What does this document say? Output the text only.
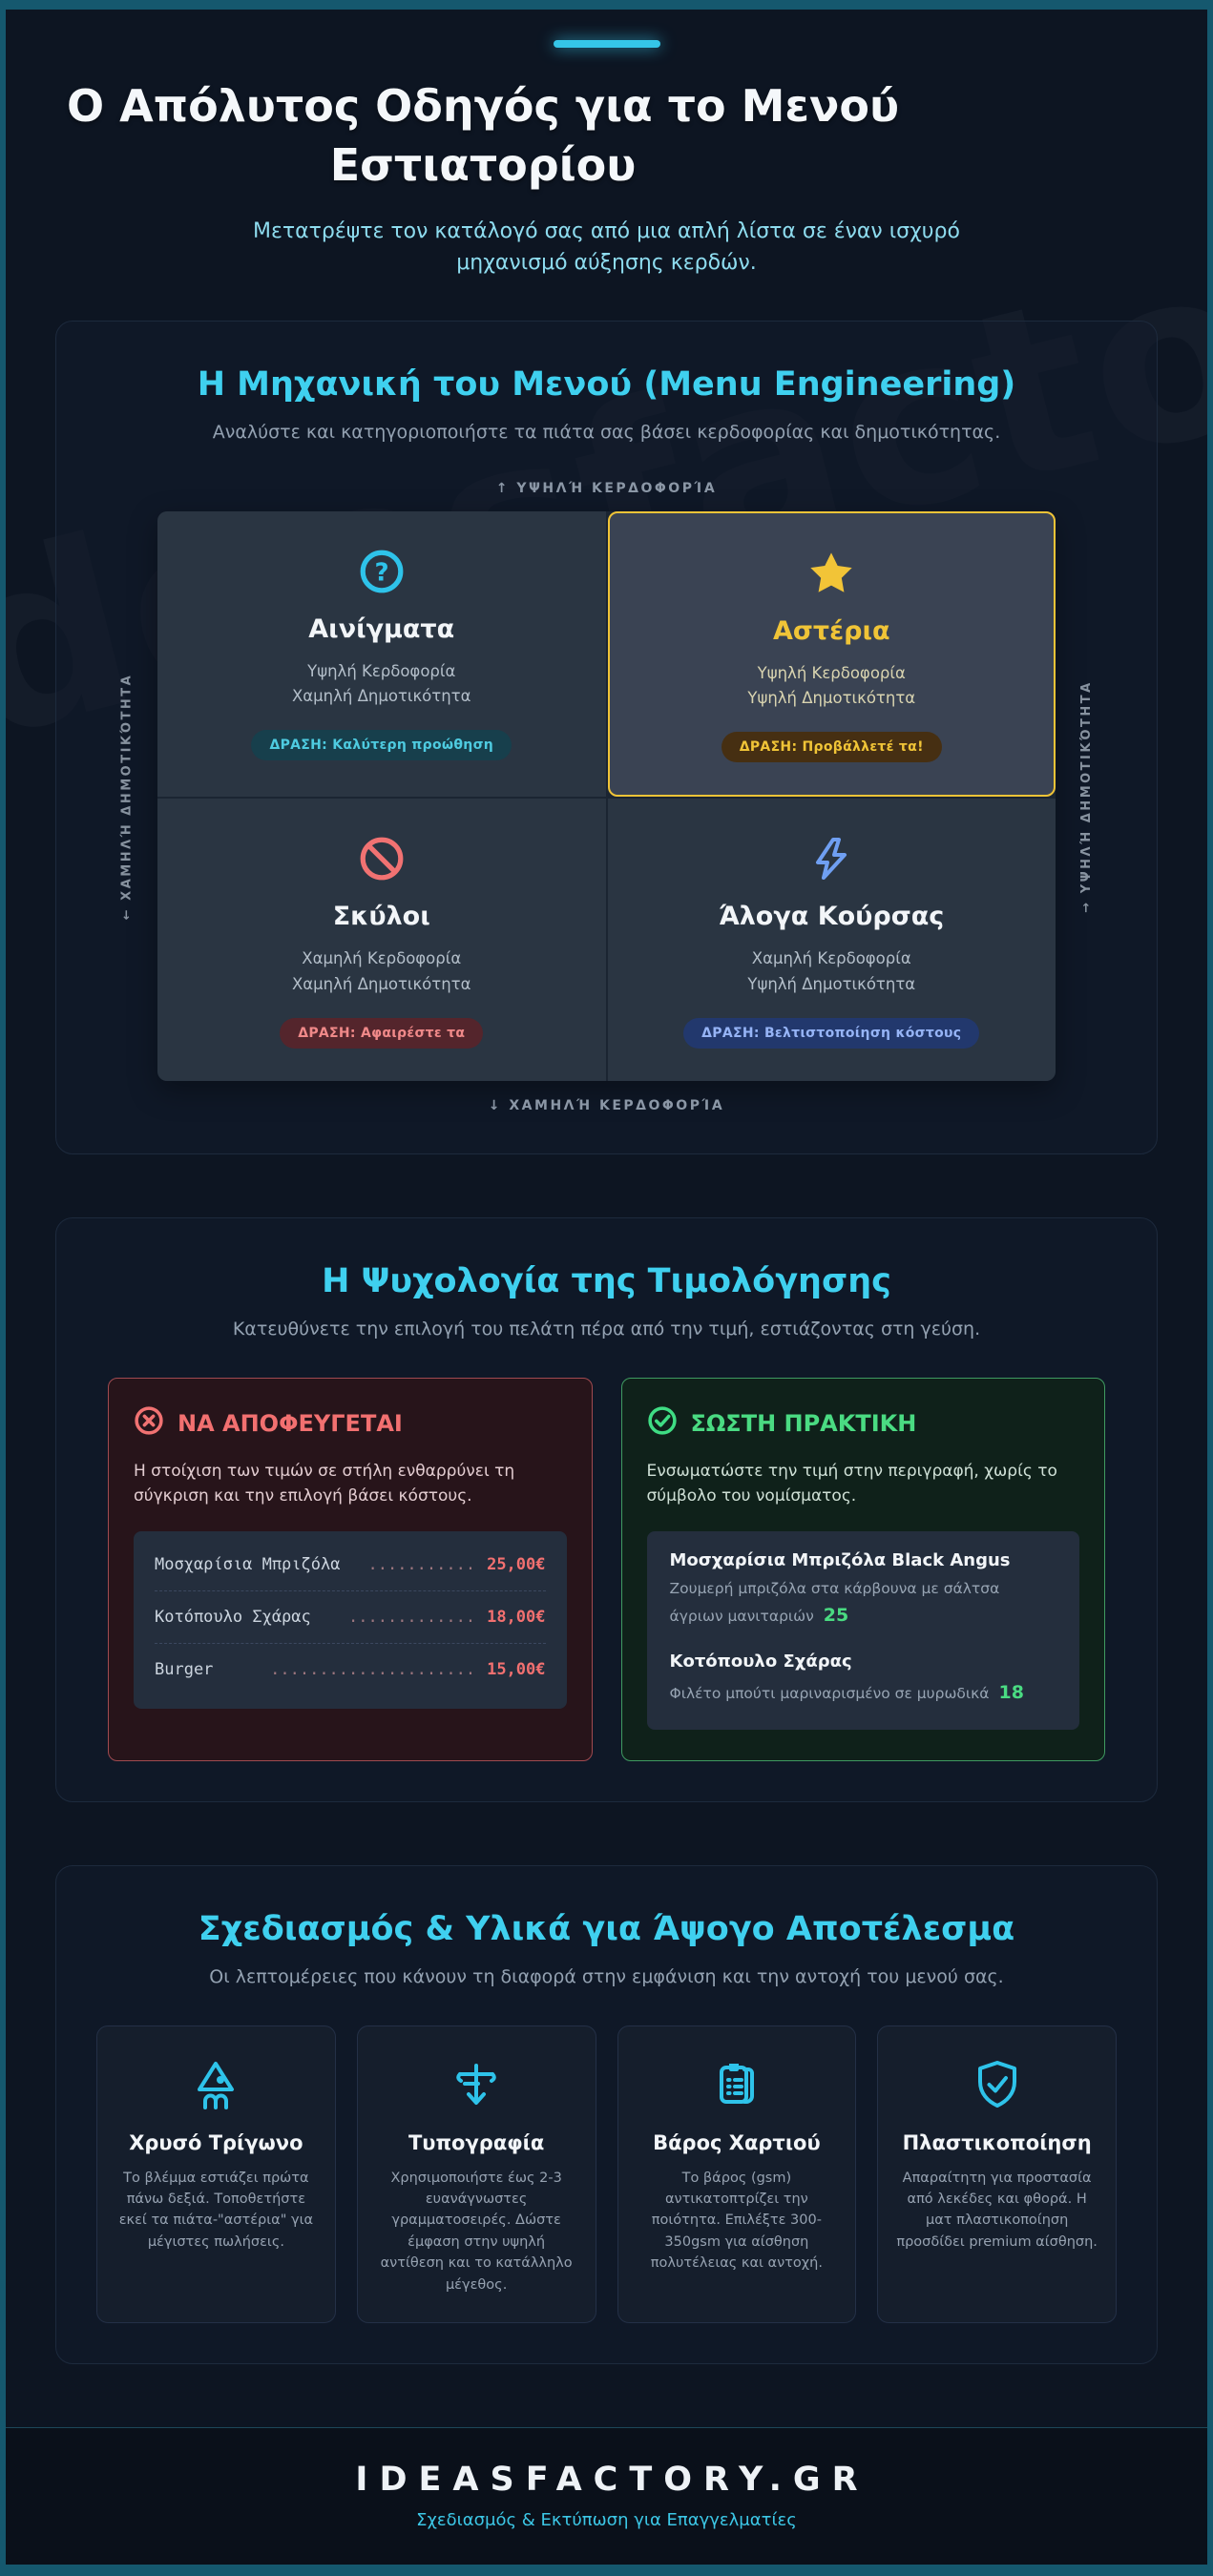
Ο Απόλυτος Οδηγός για το Μενού Εστιατορίου
Μετατρέψτε τον κατάλογό σας από μια απλή λίστα σε έναν ισχυρό μηχανισμό αύξησης κερδών.
Η Μηχανική του Μενού (Menu Engineering)
Αναλύστε και κατηγοριοποιήστε τα πιάτα σας βάσει κερδοφορίας και δημοτικότητας.
↑ ΥΨΗΛΉ ΚΕΡΔΟΦΟΡΊΑ
← ΧΑΜΗΛΉ ΔΗΜΟΤΙΚΌΤΗΤΑ	→ ΥΨΗΛΉ ΔΗΜΟΤΙΚΌΤΗΤΑ
?
Αινίγματα
Υψηλή Κερδοφορία
Χαμηλή Δημοτικότητα
ΔΡΑΣΗ: Καλύτερη προώθηση
Αστέρια
Υψηλή Κερδοφορία
Υψηλή Δημοτικότητα
ΔΡΑΣΗ: Προβάλλετέ τα!
Σκύλοι
Χαμηλή Κερδοφορία
Χαμηλή Δημοτικότητα
ΔΡΑΣΗ: Αφαιρέστε τα
Άλογα Κούρσας
Χαμηλή Κερδοφορία
Υψηλή Δημοτικότητα
ΔΡΑΣΗ: Βελτιστοποίηση κόστους
↓ ΧΑΜΗΛΉ ΚΕΡΔΟΦΟΡΊΑ
Η Ψυχολογία της Τιμολόγησης
Κατευθύνετε την επιλογή του πελάτη πέρα από την τιμή, εστιάζοντας στη γεύση.
ΝΑ ΑΠΟΦΕΥΓΕΤΑΙ
Η στοίχιση των τιμών σε στήλη ενθαρρύνει τη σύγκριση και την επιλογή βάσει κόστους.
Μοσχαρίσια Μπριζόλα	........... 25,00€
Κοτόπουλο Σχάρας	............. 18,00€
Burger	..................... 15,00€
ΣΩΣΤΗ ΠΡΑΚΤΙΚΗ
Ενσωματώστε την τιμή στην περιγραφή, χωρίς το σύμβολο του νομίσματος.
Μοσχαρίσια Μπριζόλα Black Angus
Ζουμερή μπριζόλα στα κάρβουνα με σάλτσα άγριων μανιταριών 25
Κοτόπουλο Σχάρας
Φιλέτο μπούτι μαριναρισμένο σε μυρωδικά 18
Σχεδιασμός & Υλικά για Άψογο Αποτέλεσμα
Οι λεπτομέρειες που κάνουν τη διαφορά στην εμφάνιση και την αντοχή του μενού σας.
Χρυσό Τρίγωνο
Το βλέμμα εστιάζει πρώτα πάνω δεξιά. Τοποθετήστε εκεί τα πιάτα-"αστέρια" για μέγιστες πωλήσεις.
Τυπογραφία
Χρησιμοποιήστε έως 2-3 ευανάγνωστες γραμματοσειρές. Δώστε έμφαση στην υψηλή αντίθεση και το κατάλληλο μέγεθος.
Βάρος Χαρτιού
Το βάρος (gsm) αντικατοπτρίζει την ποιότητα. Επιλέξτε 300-350gsm για αίσθηση πολυτέλειας και αντοχή.
Πλαστικοποίηση
Απαραίτητη για προστασία από λεκέδες και φθορά. Η ματ πλαστικοποίηση προσδίδει premium αίσθηση.
IDEASFACTORY.GR
Σχεδιασμός & Εκτύπωση για Επαγγελματίες
